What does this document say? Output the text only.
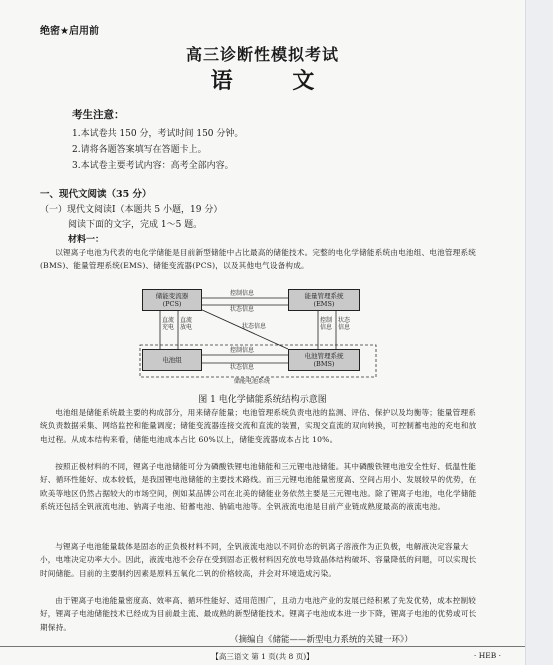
绝密★启用前
高三诊断性模拟考试
语 文
考生注意：
1.本试卷共 150 分，考试时间 150 分钟。
2.请将各题答案填写在答题卡上。
3.本试卷主要考试内容：高考全部内容。
一、现代文阅读（35 分）
（一）现代文阅读Ⅰ（本题共 5 小题，19 分）
阅读下面的文字，完成 1～5 题。
材料一：

以锂离子电池为代表的电化学储能是目前新型储能中占比最高的储能技术。完整的电化学储能系统由电池组、电池管理系统(BMS)、能量管理系统(EMS)、储能变流器(PCS)，以及其他电气设备构成。

储能变流器
(PCS)
能量管理系统
(EMS)
电池组	电池管理系统
(BMS)
控制信息
状态信息
直流
充电
直流
放电	状态信息
控制
信息
状态
信息
控制信息
状态信息
储能电池系统
图 1 电化学储能系统结构示意图

电池组是储能系统最主要的构成部分，用来储存能量；电池管理系统负责电池的监测、评估、保护以及均衡等；能量管理系统负责数据采集、网络监控和能量调度；储能变流器连接交流和直流的装置，实现交直流的双向转换，可控制蓄电池的充电和放电过程。从成本结构来看，储能电池成本占比 60%以上，储能变流器成本占比 10%。

按照正极材料的不同，锂离子电池储能可分为磷酸铁锂电池储能和三元锂电池储能。其中磷酸铁锂电池安全性好、低温性能好、循环性能好、成本较低，是我国锂电池储能的主要技术路线。而三元锂电池能量密度高、空间占用小、发展较早的优势，在欧美等地区仍然占据较大的市场空间，例如某品牌公司在北美的储能业务依然主要是三元锂电池。除了锂离子电池，电化学储能系统还包括全钒液流电池、钠离子电池、铅蓄电池、钠硫电池等。全钒液流电池是目前产业链成熟度最高的液流电池。

与锂离子电池能量载体是固态的正负极材料不同，全钒液流电池以不同价态的钒离子溶液作为正负极，电解液决定容量大小，电堆决定功率大小。因此，液流电池不会存在受到固态正极材料因充放电导致晶体结构破坏、容量降低的问题，可以实现长时间储能。目前的主要制约因素是原料五氧化二钒的价格较高，并会对环境造成污染。

由于锂离子电池能量密度高、效率高、循环性能好、适用范围广，且动力电池产业的发展已经积累了先发优势，成本控制较好，锂离子电池储能技术已经成为目前最主流、最成熟的新型储能技术。锂离子电池成本进一步下降，锂离子电池的优势或可长期保持。

（摘编自《储能——新型电力系统的关键一环》）
【高三语文 第 1 页(共 8 页)】	· HEB ·
